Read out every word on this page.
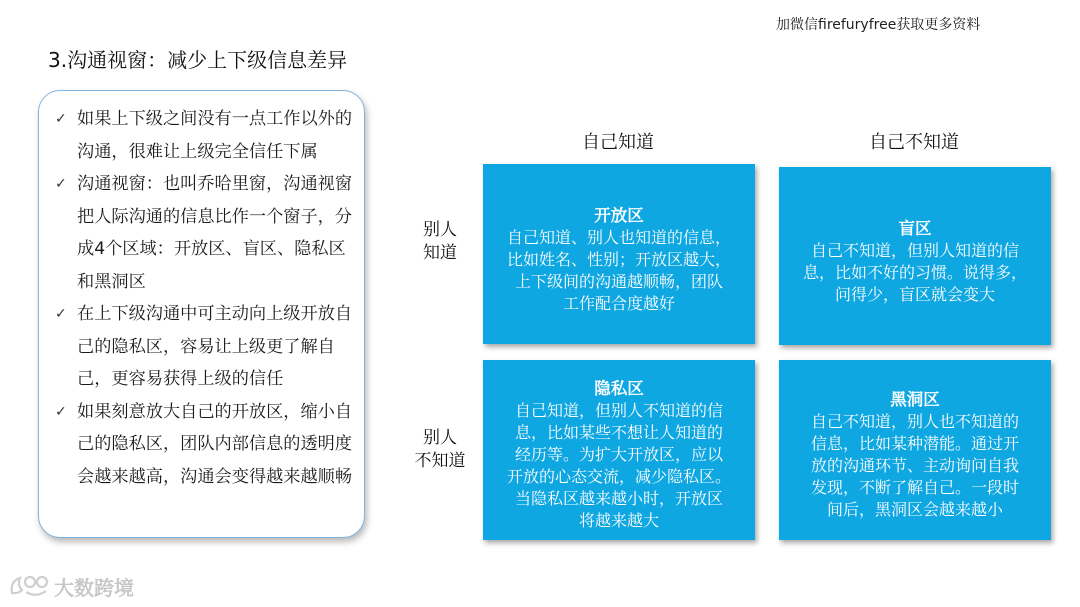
加微信firefuryfree获取更多资料
3.沟通视窗：减少上下级信息差异
✓ 如果上下级之间没有一点工作以外的沟通，很难让上级完全信任下属
✓ 沟通视窗：也叫乔哈里窗，沟通视窗把人际沟通的信息比作一个窗子，分成4个区域：开放区、盲区、隐私区和黑洞区
✓ 在上下级沟通中可主动向上级开放自己的隐私区，容易让上级更了解自己，更容易获得上级的信任
✓ 如果刻意放大自己的开放区，缩小自己的隐私区，团队内部信息的透明度会越来越高，沟通会变得越来越顺畅
自己知道	自己不知道
别人
知道
别人
不知道
开放区
自己知道、别人也知道的信息，
比如姓名、性别；开放区越大，
上下级间的沟通越顺畅，团队
工作配合度越好
盲区
自己不知道，但别人知道的信
息，比如不好的习惯。说得多，
问得少，盲区就会变大
隐私区
自己知道，但别人不知道的信
息，比如某些不想让人知道的
经历等。为扩大开放区，应以
开放的心态交流，减少隐私区。
当隐私区越来越小时，开放区
将越来越大
黑洞区
自己不知道，别人也不知道的
信息，比如某种潜能。通过开
放的沟通环节、主动询问自我
发现，不断了解自己。一段时
间后，黑洞区会越来越小
大数跨境
